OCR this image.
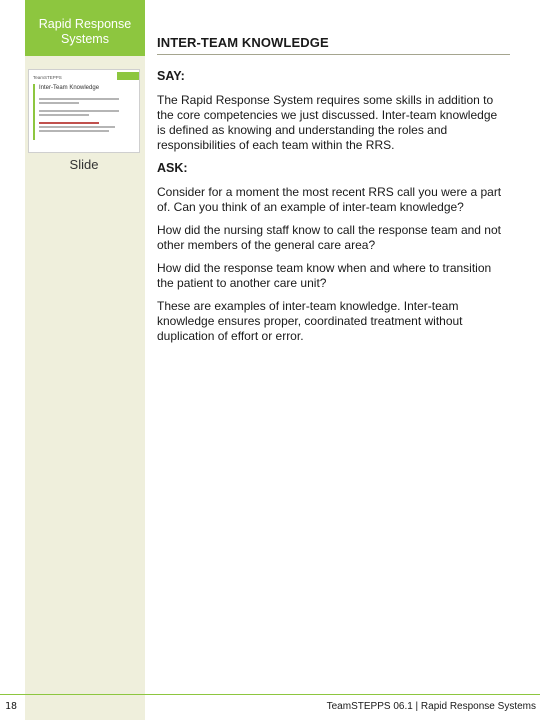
Rapid Response
Systems	INTER-TEAM KNOWLEDGE
TeamSTEPPS
Inter-Team Knowledge
Slide
SAY:

The Rapid Response System requires some skills in addition to the core competencies we just discussed. Inter-team knowledge is defined as knowing and understanding the roles and responsibilities of each team within the RRS.

ASK:

Consider for a moment the most recent RRS call you were a part of. Can you think of an example of inter-team knowledge?

How did the nursing staff know to call the response team and not other members of the general care area?

How did the response team know when and where to transition the patient to another care unit?

These are examples of inter-team knowledge. Inter-team knowledge ensures proper, coordinated treatment without duplication of effort or error.

18	TeamSTEPPS 06.1 | Rapid Response Systems
